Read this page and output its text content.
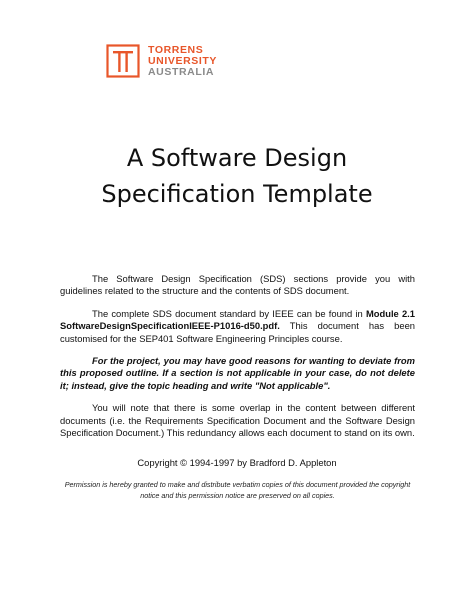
TORRENS
UNIVERSITY
AUSTRALIA
A Software Design
Specification Template

The Software Design Specification (SDS) sections provide you with guidelines related to the structure and the contents of SDS document.

The complete SDS document standard by IEEE can be found in Module 2.1 SoftwareDesignSpecificationIEEE-P1016-d50.pdf. This document has been customised for the SEP401 Software Engineering Principles course.

For the project, you may have good reasons for wanting to deviate from this proposed outline. If a section is not applicable in your case, do not delete it; instead, give the topic heading and write "Not applicable".

You will note that there is some overlap in the content between different documents (i.e. the Requirements Specification Document and the Software Design Specification Document.) This redundancy allows each document to stand on its own.

Copyright © 1994-1997 by Bradford D. Appleton
Permission is hereby granted to make and distribute verbatim copies of this document provided the copyright notice and this permission notice are preserved on all copies.
